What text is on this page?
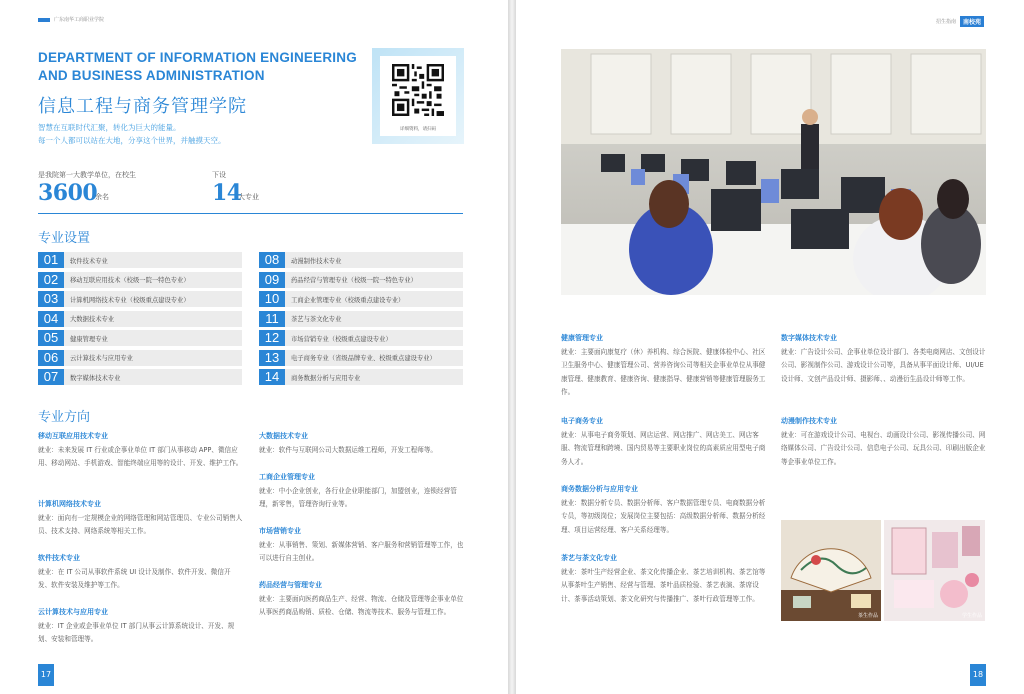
广东南华工商职业学院
DEPARTMENT OF INFORMATION ENGINEERING AND BUSINESS ADMINISTRATION
信息工程与商务管理学院
智慧在互联时代汇聚，转化为巨大的能量。
每一个人都可以站在大地，分享这个世界，并触摸天空。
详细资料，请扫码
是我院第一大教学单位，在校生
3600
余名
下设
14
大专业
专业设置
01	软件技术专业
02	移动互联应用技术（校级一院一特色专业）
03	计算机网络技术专业（校级重点建设专业）
04	大数据技术专业
05	健康管理专业
06	云计算技术与应用专业
07	数字媒体技术专业
08	动漫制作技术专业
09	药品经营与管理专业（校级一院一特色专业）
10	工商企业管理专业（校级重点建设专业）
11	茶艺与茶文化专业
12	市场营销专业（校级重点建设专业）
13	电子商务专业（省级品牌专业、校级重点建设专业）
14	商务数据分析与应用专业
专业方向
移动互联应用技术专业
就业：未来发展 IT 行业或企事业单位 IT 部门从事移动 APP、微信应用、移动网站、手机游戏、智能终端应用等的设计、开发、维护工作。
计算机网络技术专业
就业：面向有一定规模企业的网络管理和网站管理员、专业公司销售人员、技术支持、网络系统等相关工作。
软件技术专业
就业：在 IT 公司从事软件系统 UI 设计及制作、软件开发、微信开发、软件安装及维护等工作。
云计算技术与应用专业
就业：IT 企业或企事业单位 IT 部门从事云计算系统设计、开发、规划、安装和管理等。
大数据技术专业
就业：软件与互联网公司大数据运维工程师，开发工程师等。
工商企业管理专业
就业：中小企业创业，各行业企业职能部门，加盟创业，连锁经营管理，新零售，管理咨询行业等。
市场营销专业
就业：从事销售、策划、新媒体营销、客户服务和营销管理等工作，也可以进行自主创业。
药品经营与管理专业
就业：主要面向医药商品生产、经营、物流、仓储及管理等企事业单位从事医药商品购销、质检、仓储、物流等技术、服务与管理工作。
17
招生指南	南校苑
健康管理专业
就业：主要面向康复疗（休）养机构、综合医院、健康体检中心、社区卫生服务中心、健康管理公司、营养咨询公司等相关企事业单位从事健康管理、健康教育、健康咨询、健康指导、健康营销等健康管理服务工作。
电子商务专业
就业：从事电子商务策划、网店运营、网店推广、网店美工、网店客服、物流管理和跨境、国内贸易等主要职业岗位的高素质应用型电子商务人才。
商务数据分析与应用专业
就业：数据分析专员、数据分析师、客户数据管理专员、电商数据分析专员，等初级岗位；发展岗位主要包括：高级数据分析师、数据分析经理、项目运营经理、客户关系经理等。
茶艺与茶文化专业
就业：茶叶生产经营企业、茶文化传播企业、茶艺培训机构、茶艺馆等从事茶叶生产销售、经营与管理、茶叶品质检验、茶艺表演、茶席设计、茶事活动策划、茶文化研究与传播推广、茶叶行政管理等工作。
数字媒体技术专业
就业：广告设计公司、企事业单位设计部门、各类电商网店、文创设计公司、影视制作公司、游戏设计公司等，具备从事平面设计师、UI/UE 设计师、文创产品设计师、摄影师、、动漫衍生品设计师等工作。
动漫制作技术专业
就业：可在游戏设计公司、电视台、动画设计公司、影视传播公司、网络媒体公司、广告设计公司、信息电子公司、玩具公司、印刷出版企业等企事业单位工作。
茶生作品	学生作品
18
